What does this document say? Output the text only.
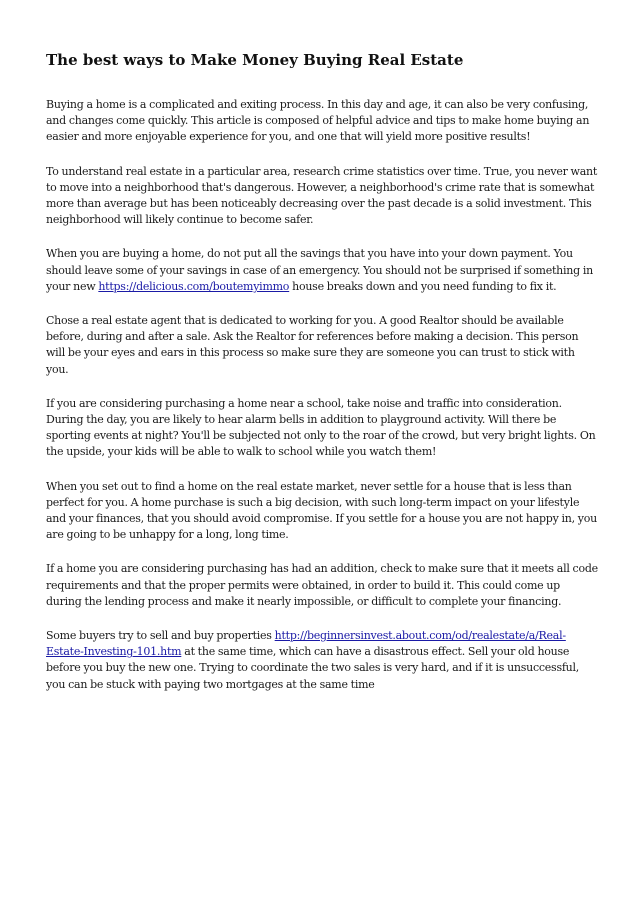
The best ways to Make Money Buying Real Estate

Buying a home is a complicated and exiting process. In this day and age, it can also be very confusing, and changes come quickly. This article is composed of helpful advice and tips to make home buying an easier and more enjoyable experience for you, and one that will yield more positive results!

To understand real estate in a particular area, research crime statistics over time. True, you never want to move into a neighborhood that's dangerous. However, a neighborhood's crime rate that is somewhat more than average but has been noticeably decreasing over the past decade is a solid investment. This neighborhood will likely continue to become safer.

When you are buying a home, do not put all the savings that you have into your down payment. You should leave some of your savings in case of an emergency. You should not be surprised if something in your new https://delicious.com/boutemyimmo house breaks down and you need funding to fix it.

Chose a real estate agent that is dedicated to working for you. A good Realtor should be available before, during and after a sale. Ask the Realtor for references before making a decision. This person will be your eyes and ears in this process so make sure they are someone you can trust to stick with you.

If you are considering purchasing a home near a school, take noise and traffic into consideration. During the day, you are likely to hear alarm bells in addition to playground activity. Will there be sporting events at night? You'll be subjected not only to the roar of the crowd, but very bright lights. On the upside, your kids will be able to walk to school while you watch them!

When you set out to find a home on the real estate market, never settle for a house that is less than perfect for you. A home purchase is such a big decision, with such long-term impact on your lifestyle and your finances, that you should avoid compromise. If you settle for a house you are not happy in, you are going to be unhappy for a long, long time.

If a home you are considering purchasing has had an addition, check to make sure that it meets all code requirements and that the proper permits were obtained, in order to build it. This could come up during the lending process and make it nearly impossible, or difficult to complete your financing.

Some buyers try to sell and buy properties http://beginnersinvest.about.com/od/realestate/a/Real-Estate-Investing-101.htm at the same time, which can have a disastrous effect. Sell your old house before you buy the new one. Trying to coordinate the two sales is very hard, and if it is unsuccessful, you can be stuck with paying two mortgages at the same time
